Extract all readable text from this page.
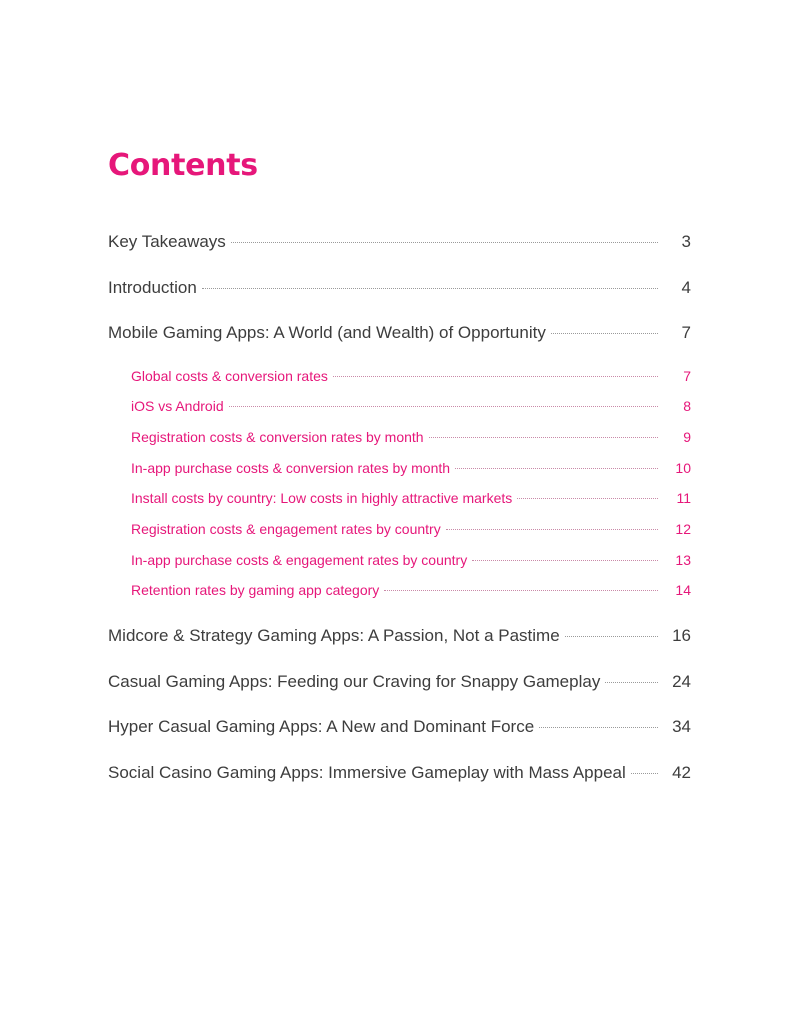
Contents
Key Takeaways	3
Introduction	4
Mobile Gaming Apps: A World (and Wealth) of Opportunity	7
Global costs & conversion rates	7
iOS vs Android	8
Registration costs & conversion rates by month	9
In-app purchase costs & conversion rates by month	10
Install costs by country: Low costs in highly attractive markets	11
Registration costs & engagement rates by country	12
In-app purchase costs & engagement rates by country	13
Retention rates by gaming app category	14
Midcore & Strategy Gaming Apps: A Passion, Not a Pastime	16
Casual Gaming Apps: Feeding our Craving for Snappy Gameplay	24
Hyper Casual Gaming Apps: A New and Dominant Force	34
Social Casino Gaming Apps: Immersive Gameplay with Mass Appeal	42
